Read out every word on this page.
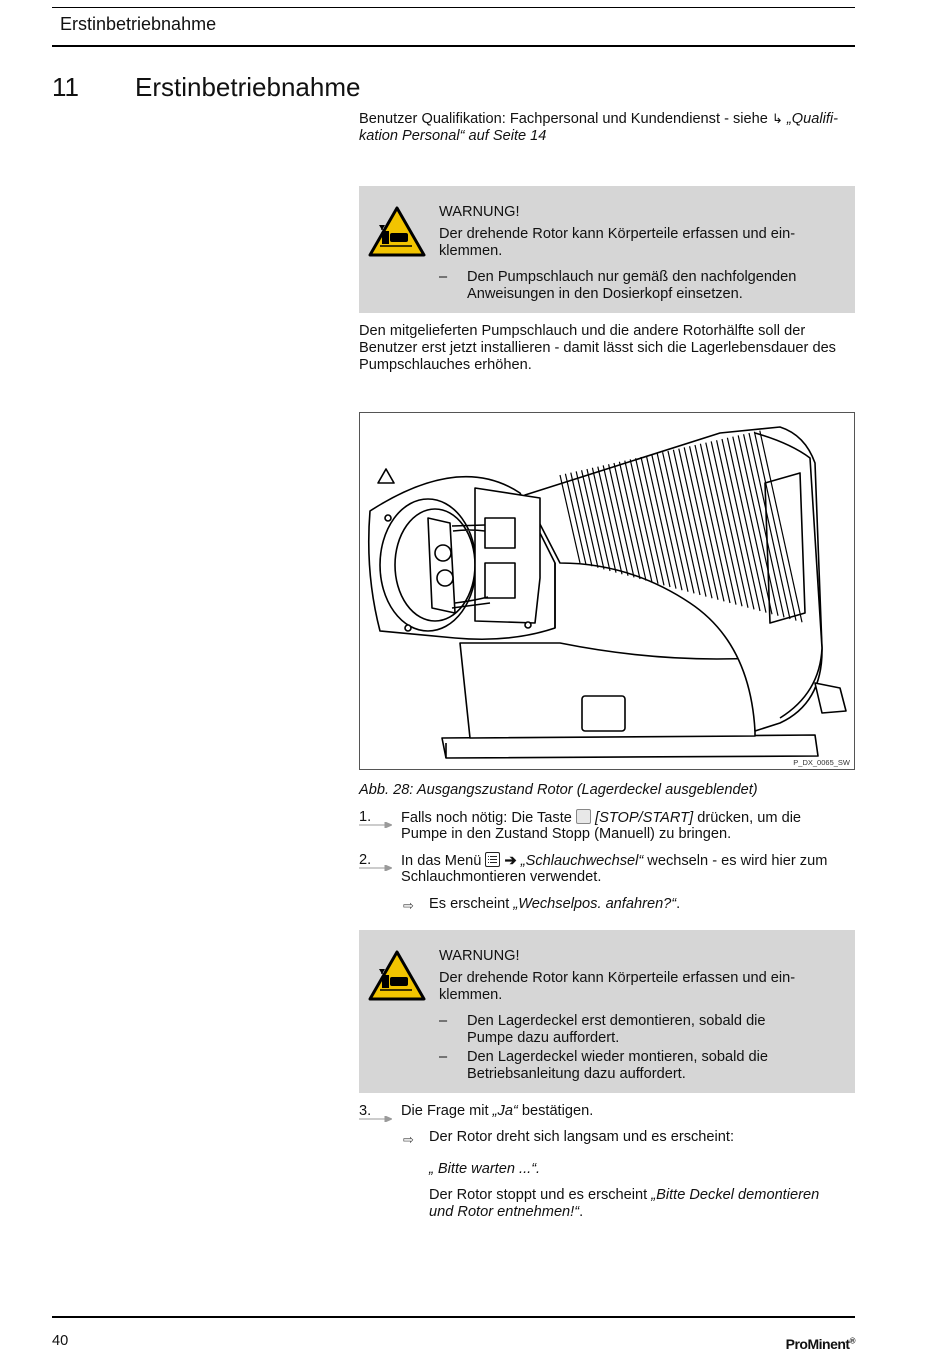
Erstinbetriebnahme
11 Erstinbetriebnahme
Benutzer Qualifikation: Fachpersonal und Kundendienst - siehe ↳ „Qualifi-
kation Personal“ auf Seite 14
WARNUNG!
Der drehende Rotor kann Körperteile erfassen und ein-
klemmen.
– Den Pumpschlauch nur gemäß den nachfolgenden
Anweisungen in den Dosierkopf einsetzen.
Den mitgelieferten Pumpschlauch und die andere Rotorhälfte soll der
Benutzer erst jetzt installieren - damit lässt sich die Lagerlebensdauer des
Pumpschlauches erhöhen.
P_DX_0065_SW
Abb. 28: Ausgangszustand Rotor (Lagerdeckel ausgeblendet)
1.	Falls noch nötig: Die Taste [STOP/START] drücken, um die
Pumpe in den Zustand Stopp (Manuell) zu bringen.
2.	In das Menü ➔ „Schlauchwechsel“ wechseln - es wird hier zum
Schlauchmontieren verwendet.
⇨ Es erscheint „Wechselpos. anfahren?“.
WARNUNG!
Der drehende Rotor kann Körperteile erfassen und ein-
klemmen.
– Den Lagerdeckel erst demontieren, sobald die
Pumpe dazu auffordert.
– Den Lagerdeckel wieder montieren, sobald die
Betriebsanleitung dazu auffordert.
3.	Die Frage mit „Ja“ bestätigen.
⇨ Der Rotor dreht sich langsam und es erscheint:
„ Bitte warten ...“.
Der Rotor stoppt und es erscheint „Bitte Deckel demontieren
und Rotor entnehmen!“.
40	ProMinent®
